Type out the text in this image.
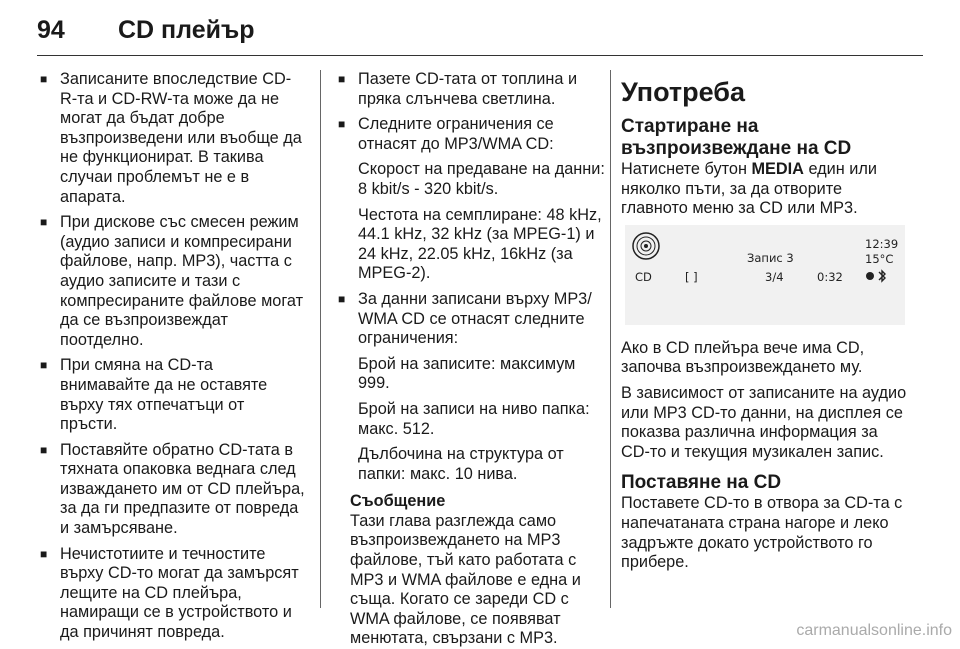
94 CD плейър
■ Записаните впоследствие CD-R-та и CD-RW-та може да не могат да бъдат добре възпроизведени или въобще да не функционират. В такива случаи проблемът не е в апарата.
■ При дискове със смесен режим (аудио записи и компресирани файлове, напр. MP3), частта с аудио записите и тази с компресираните файлове могат да се възпроизвеждат поотделно.
■ При смяна на CD-та внимавайте да не оставяте върху тях отпечатъци от пръсти.
■ Поставяйте обратно CD-тата в тяхната опаковка веднага след изваждането им от CD плейъра, за да ги предпазите от повреда и замърсяване.
■ Нечистотиите и течностите върху CD-то могат да замърсят лещите на CD плейъра, намиращи се в устройството и да причинят повреда.
■ Пазете CD-тата от топлина и пряка слънчева светлина.
■ Следните ограничения се отнасят до MP3/WMA CD:

Скорост на предаване на данни: 8 kbit/s - 320 kbit/s.

Честота на семплиране: 48 kHz, 44.1 kHz, 32 kHz (за MPEG-1) и 24 kHz, 22.05 kHz, 16kHz (за MPEG-2).

■ За данни записани върху MP3/ WMA CD се отнасят следните ограничения:

Брой на записите: максимум 999.

Брой на записи на ниво папка: макс. 512.

Дълбочина на структура от папки: макс. 10 нива.

Съобщение
Тази глава разглежда само възпроизвеждането на MP3 файлове, тъй като работата с MP3 и WMA файлове е една и съща. Когато се зареди CD с WMA файлове, се появяват менютата, свързани с MP3.
Употреба
Стартиране на възпроизвеждане на CD

Натиснете бутон MEDIA един или няколко пъти, за да отворите главното меню за CD или MP3.

Запис 3
12:39
15°C
CD	[ ]	3/4	0:32

Ако в CD плейъра вече има CD, започва възпроизвеждането му.

В зависимост от записаните на аудио или MP3 CD-то данни, на дисплея се показва различна информация за CD-то и текущия музикален запис.

Поставяне на CD

Поставете CD-то в отвора за CD-та с напечатаната страна нагоре и леко задръжте докато устройството го прибере.

carmanualsonline.info
